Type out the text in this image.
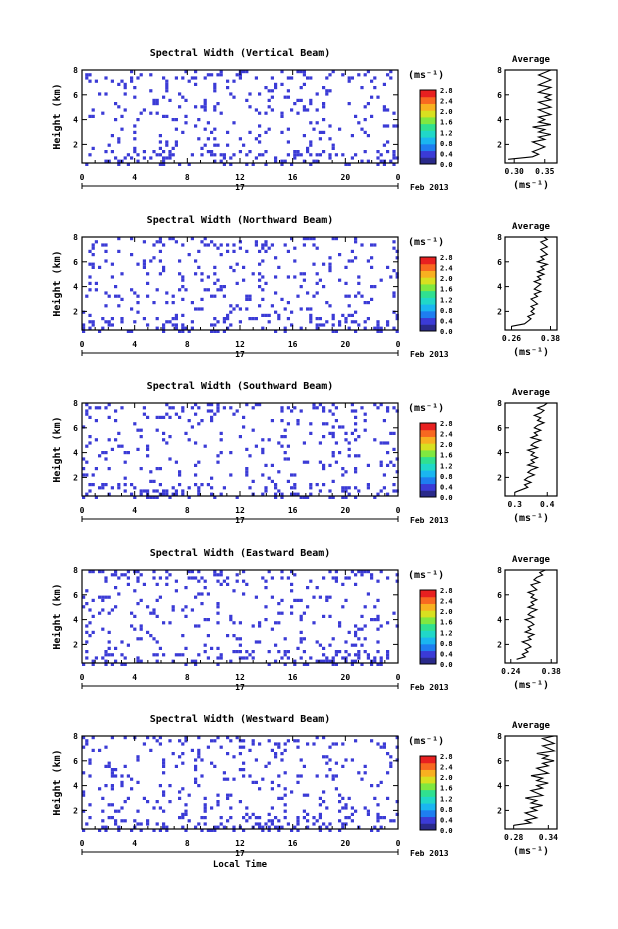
Spectral Width (Vertical Beam)
2
4
6
8
Height (km)
0	4	8	12	16	20	0
17	Feb 2013
(ms⁻¹)
0.0
0.4
0.8
1.2
1.6
2.0
2.4
2.8
Average
2
4
6
8
0.30 0.35
(ms⁻¹)
Spectral Width (Northward Beam)
2
4
6
8
Height (km)
0	4	8	12	16	20	0
17	Feb 2013
(ms⁻¹)
0.0
0.4
0.8
1.2
1.6
2.0
2.4
2.8
Average
2
4
6
8
0.26 0.38
(ms⁻¹)
Spectral Width (Southward Beam)
2
4
6
8
Height (km)
0	4	8	12	16	20	0
17	Feb 2013
(ms⁻¹)
0.0
0.4
0.8
1.2
1.6
2.0
2.4
2.8
Average
2
4
6
8
0.3 0.4
(ms⁻¹)
Spectral Width (Eastward Beam)
2
4
6
8
Height (km)
0	4	8	12	16	20	0
17	Feb 2013
(ms⁻¹)
0.0
0.4
0.8
1.2
1.6
2.0
2.4
2.8
Average
2
4
6
8
0.24	0.38
(ms⁻¹)
Spectral Width (Westward Beam)
2
4
6
8
Height (km)
0	4	8	12	16	20	0
17	Feb 2013
Local Time
(ms⁻¹)
0.0
0.4
0.8
1.2
1.6
2.0
2.4
2.8
Average
2
4
6
8
0.28 0.34
(ms⁻¹)
